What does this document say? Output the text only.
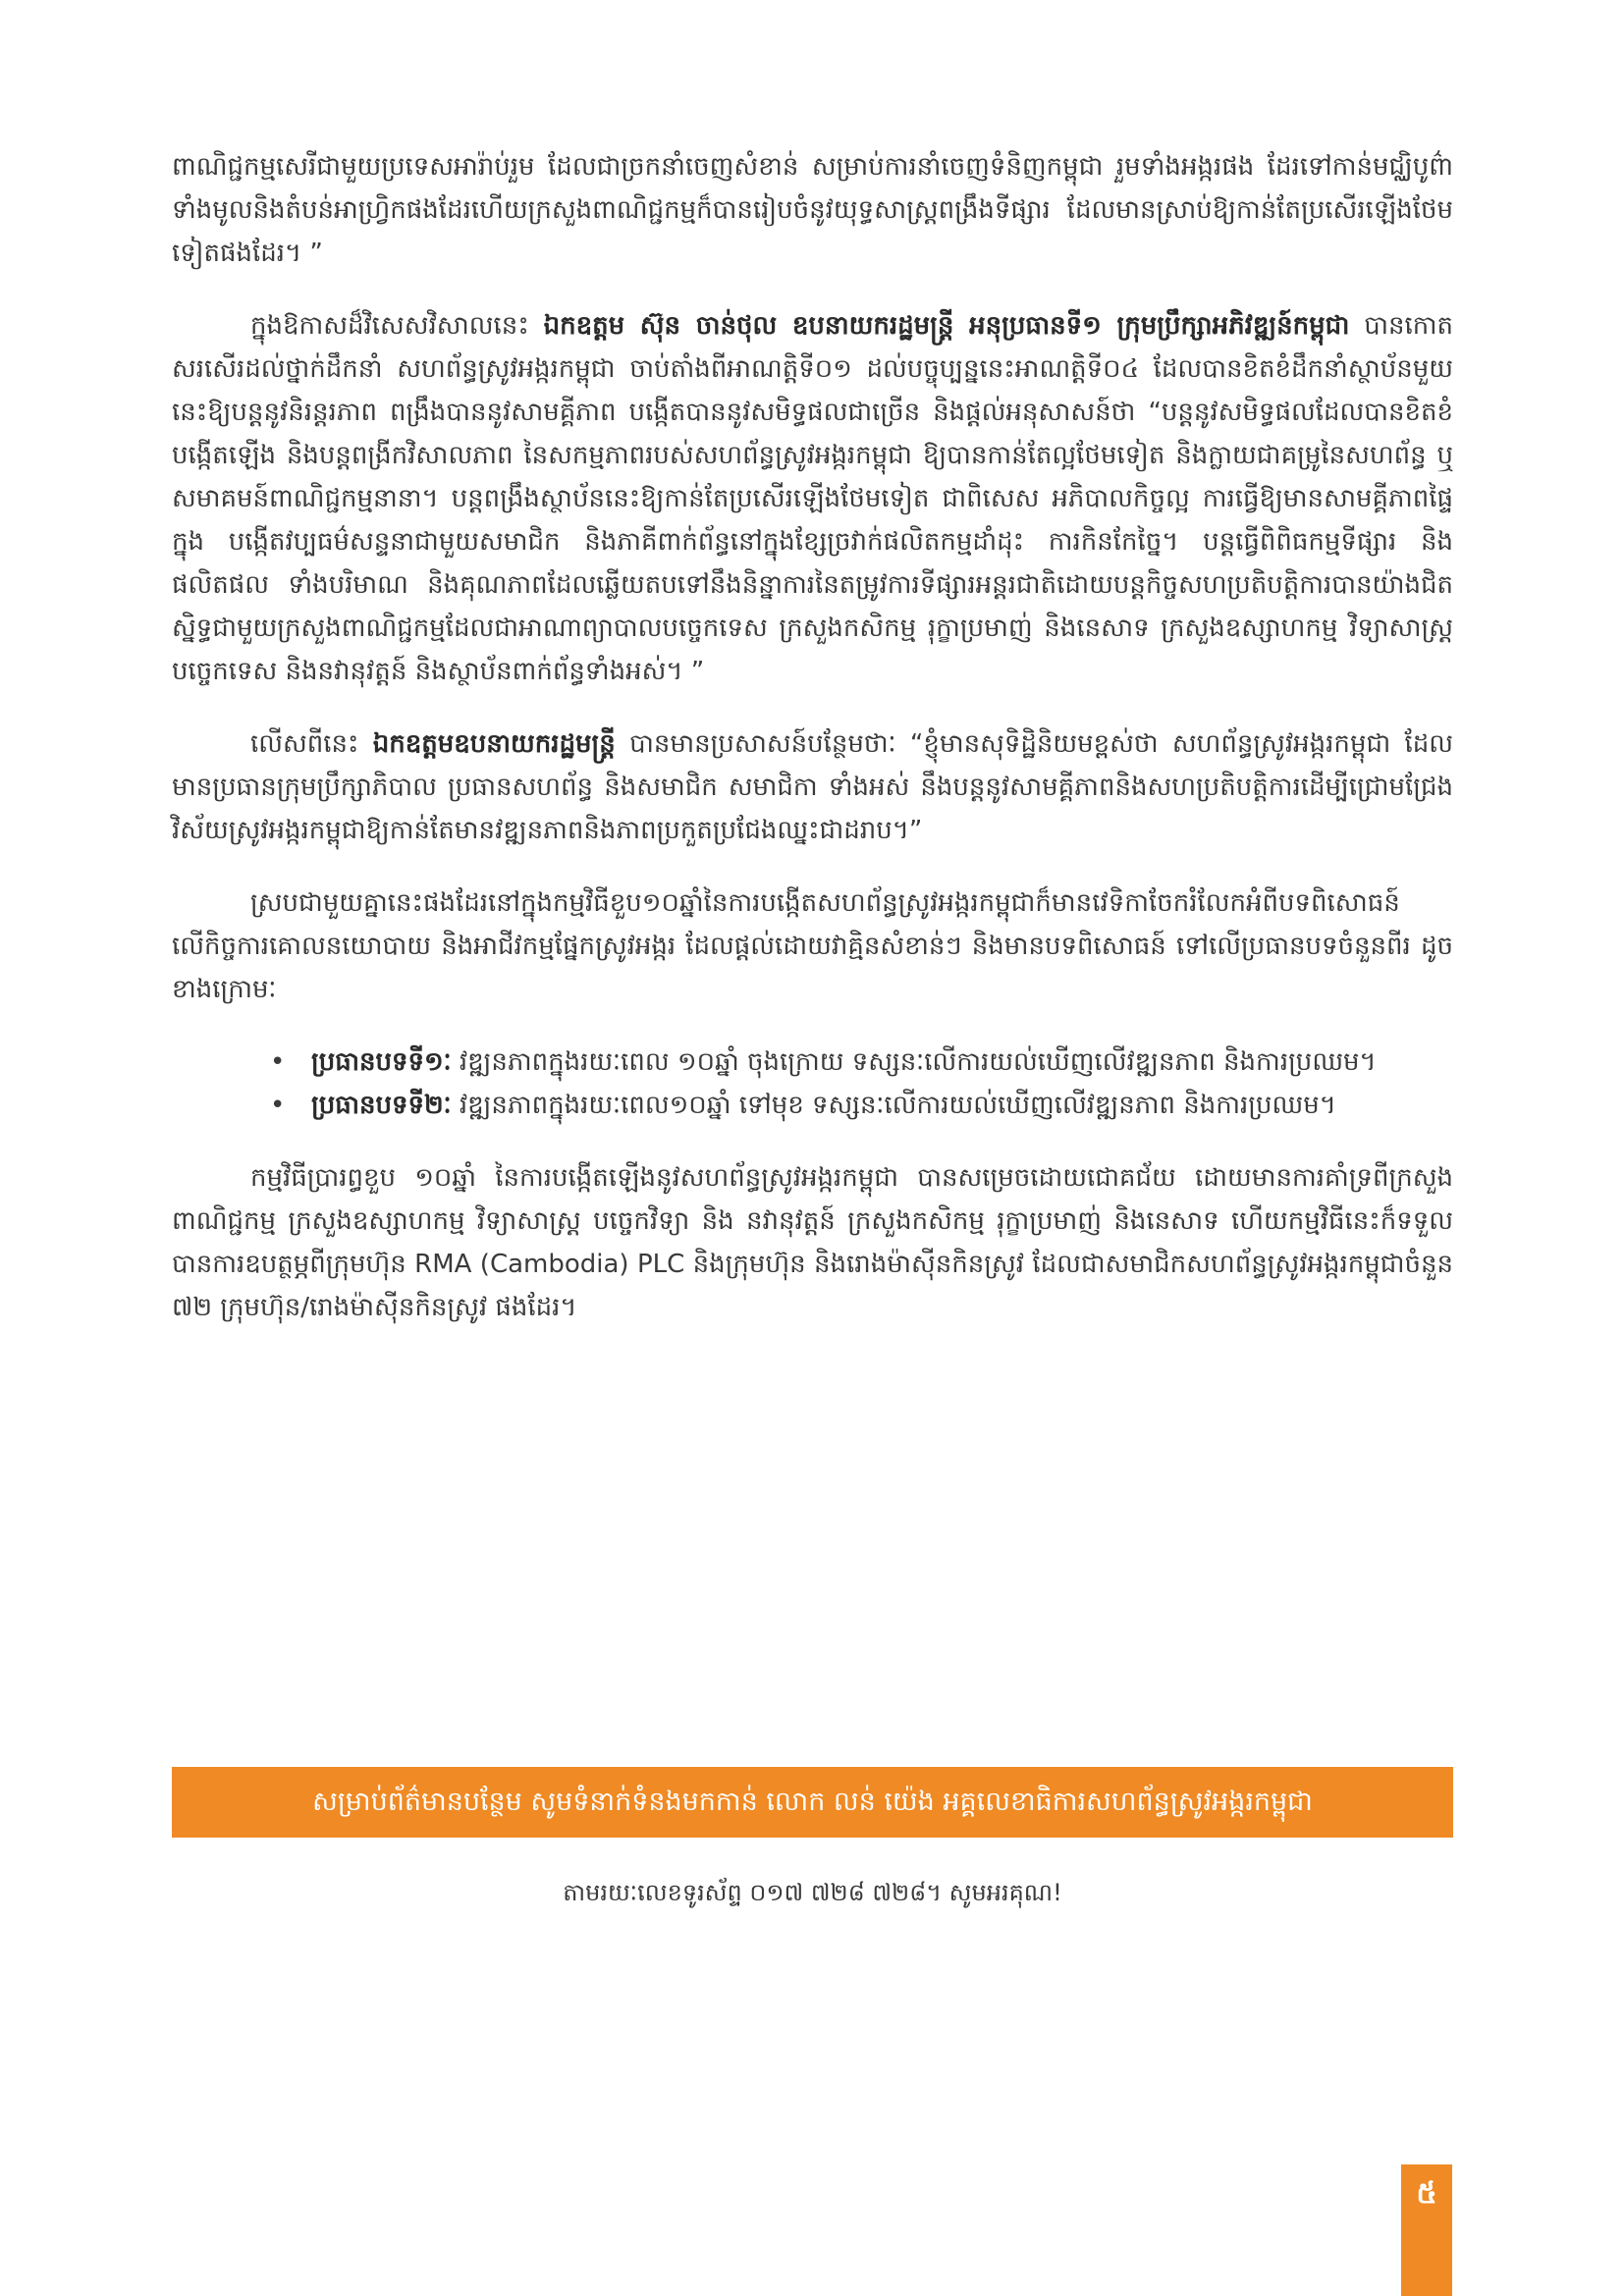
ពាណិជ្ជកម្មសេរីជាមួយប្រទេសអារ៉ាប់រួម ដែលជាច្រកនាំចេញសំខាន់ សម្រាប់ការនាំចេញទំនិញកម្ពុជា រួមទាំងអង្ករផង ដែរទៅកាន់មជ្ឈិបូព៌ាទាំងមូលនិងតំបន់អាហ្វ្រិកផងដែរហើយក្រសួងពាណិជ្ជកម្មក៏បានរៀបចំនូវយុទ្ធសាស្រ្តពង្រឹងទីផ្សារ ដែលមានស្រាប់ឱ្យកាន់តែប្រសើរឡើងថែមទៀតផងដែរ។ ”

ក្នុងឱកាសដ៏វិសេសវិសាលនេះ ឯកឧត្តម ស៊ុន ចាន់ថុល ឧបនាយករដ្ឋមន្ត្រី អនុប្រធានទី១ ក្រុមប្រឹក្សាអភិវឌ្ឍន៍កម្ពុជា បានកោតសរសើរដល់ថ្នាក់ដឹកនាំ សហព័ន្ធស្រូវអង្ករកម្ពុជា ចាប់តាំងពីអាណត្តិទី០១ ដល់បច្ចុប្បន្ននេះអាណត្តិទី០៤ ដែលបានខិតខំដឹកនាំស្ថាប័នមួយនេះឱ្យបន្តនូវនិរន្តរភាព ពង្រឹងបាននូវសាមគ្គីភាព បង្កើតបាននូវសមិទ្ធផលជាច្រើន និងផ្តល់អនុសាសន៍ថា “បន្តនូវសមិទ្ធផលដែលបានខិតខំបង្កើតឡើង និងបន្តពង្រីកវិសាលភាព នៃសកម្មភាពរបស់សហព័ន្ធស្រូវអង្ករកម្ពុជា ឱ្យបានកាន់តែល្អថែមទៀត និងក្លាយជាគម្រូនៃសហព័ន្ធ ឬសមាគមន៍ពាណិជ្ជកម្មនានា។ បន្តពង្រឹងស្ថាប័ននេះឱ្យកាន់តែប្រសើរឡើងថែមទៀត ជាពិសេស អភិបាលកិច្ចល្អ ការធ្វើឱ្យមានសាមគ្គីភាពផ្ទៃក្នុង បង្កើតវប្បធម៌សន្ទនាជាមួយសមាជិក និងភាគីពាក់ព័ន្ធនៅក្នុងខ្សែច្រវាក់ផលិតកម្មដាំដុះ ការកិនកែច្នៃ។ បន្តធ្វើពិពិធកម្មទីផ្សារ និងផលិតផល ទាំងបរិមាណ និងគុណភាពដែលឆ្លើយតបទៅនឹងនិន្នាការនៃតម្រូវការទីផ្សារអន្តរជាតិដោយបន្តកិច្ចសហប្រតិបត្តិការបានយ៉ាងជិតស្និទ្ធជាមួយក្រសួងពាណិជ្ជកម្មដែលជាអាណាព្យាបាលបច្ចេកទេស ក្រសួងកសិកម្ម រុក្ខាប្រមាញ់ និងនេសាទ ក្រសួងឧស្សាហកម្ម វិទ្យាសាស្ត្រ បច្ចេកទេស និងនវានុវត្តន៍ និងស្ថាប័នពាក់ព័ន្ធទាំងអស់។ ”

លើសពីនេះ ឯកឧត្តមឧបនាយករដ្ឋមន្ត្រី បានមានប្រសាសន៍បន្ថែមថាៈ “ខ្ញុំមានសុទិដ្ឋិនិយមខ្ពស់ថា សហព័ន្ធស្រូវអង្ករកម្ពុជា ដែលមានប្រធានក្រុមប្រឹក្សាភិបាល ប្រធានសហព័ន្ធ និងសមាជិក សមាជិកា ទាំងអស់ នឹងបន្តនូវសាមគ្គីភាពនិងសហប្រតិបត្តិការដើម្បីជ្រោមជ្រែងវិស័យស្រូវអង្ករកម្ពុជាឱ្យកាន់តែមានវឌ្ឍនភាពនិងភាពប្រកួតប្រជែងឈ្នះជាដរាប។”

ស្របជាមួយគ្នានេះផងដែរនៅក្នុងកម្មវិធីខួប១០ឆ្នាំនៃការបង្កើតសហព័ន្ធស្រូវអង្ករកម្ពុជាក៏មានវេទិកាចែករំលែកអំពីបទពិសោធន៍លើកិច្ចការគោលនយោបាយ និងអាជីវកម្មផ្នែកស្រូវអង្ករ ដែលផ្តល់ដោយវាគ្មិនសំខាន់ៗ និងមានបទពិសោធន៍ ទៅលើប្រធានបទចំនួនពីរ ដូចខាងក្រោមៈ

• ប្រធានបទទី១ៈ វឌ្ឍនភាពក្នុងរយៈពេល ១០ឆ្នាំ ចុងក្រោយ ទស្សនៈលើការយល់ឃើញលើវឌ្ឍនភាព និងការប្រឈម។

• ប្រធានបទទី២ៈ វឌ្ឍនភាពក្នុងរយៈពេល១០ឆ្នាំ ទៅមុខ ទស្សនៈលើការយល់ឃើញលើវឌ្ឍនភាព និងការប្រឈម។

កម្មវិធីប្រារព្ធខួប ១០ឆ្នាំ នៃការបង្កើតឡើងនូវសហព័ន្ធស្រូវអង្ករកម្ពុជា បានសម្រេចដោយជោគជ័យ ដោយមានការគាំទ្រពីក្រសួងពាណិជ្ជកម្ម ក្រសួងឧស្សាហកម្ម វិទ្យាសាស្ត្រ បច្ចេកវិទ្យា និង នវានុវត្តន៍ ក្រសួងកសិកម្ម រុក្ខាប្រមាញ់ និងនេសាទ ហើយកម្មវិធីនេះក៏ទទួលបានការឧបត្ថម្ភពីក្រុមហ៊ុន RMA (Cambodia) PLC និងក្រុមហ៊ុន និងរោងម៉ាស៊ីនកិនស្រូវ ដែលជាសមាជិកសហព័ន្ធស្រូវអង្ករកម្ពុជាចំនួន ៧២ ក្រុមហ៊ុន/រោងម៉ាស៊ីនកិនស្រូវ ផងដែរ។

សម្រាប់ព័ត៌មានបន្ថែម សូមទំនាក់ទំនងមកកាន់ លោក លន់ យ៉េង អគ្គលេខាធិការសហព័ន្ធស្រូវអង្ករកម្ពុជា
តាមរយៈលេខទូរស័ព្ទ ០១៧ ៧២៨ ៧២៨។ សូមអរគុណ!
៥
